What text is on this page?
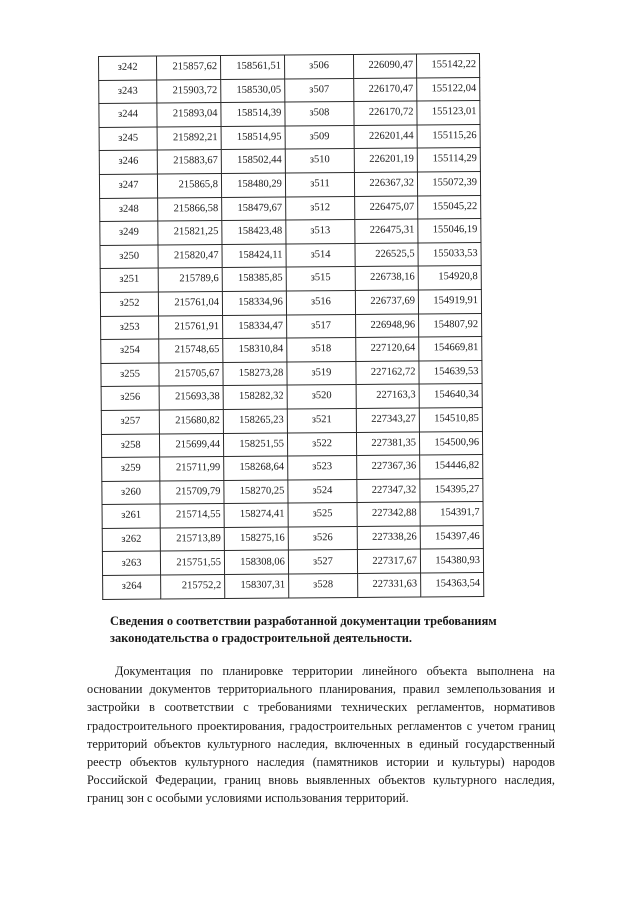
з242	215857,62	158561,51	з506	226090,47	155142,22
з243	215903,72	158530,05	з507	226170,47	155122,04
з244	215893,04	158514,39	з508	226170,72	155123,01
з245	215892,21	158514,95	з509	226201,44	155115,26
з246	215883,67	158502,44	з510	226201,19	155114,29
з247	215865,8	158480,29	з511	226367,32	155072,39
з248	215866,58	158479,67	з512	226475,07	155045,22
з249	215821,25	158423,48	з513	226475,31	155046,19
з250	215820,47	158424,11	з514	226525,5	155033,53
з251	215789,6	158385,85	з515	226738,16	154920,8
з252	215761,04	158334,96	з516	226737,69	154919,91
з253	215761,91	158334,47	з517	226948,96	154807,92
з254	215748,65	158310,84	з518	227120,64	154669,81
з255	215705,67	158273,28	з519	227162,72	154639,53
з256	215693,38	158282,32	з520	227163,3	154640,34
з257	215680,82	158265,23	з521	227343,27	154510,85
з258	215699,44	158251,55	з522	227381,35	154500,96
з259	215711,99	158268,64	з523	227367,36	154446,82
з260	215709,79	158270,25	з524	227347,32	154395,27
з261	215714,55	158274,41	з525	227342,88	154391,7
з262	215713,89	158275,16	з526	227338,26	154397,46
з263	215751,55	158308,06	з527	227317,67	154380,93
з264	215752,2	158307,31	з528	227331,63	154363,54

Сведения о соответствии разработанной документации требованиям законодательства о градостроительной деятельности.

Документация по планировке территории линейного объекта выполнена на основании документов территориального планирования, правил землепользования и застройки в соответствии с требованиями технических регламентов, нормативов градостроительного проектирования, градостроительных регламентов с учетом границ территорий объектов культурного наследия, включенных в единый государственный реестр объектов культурного наследия (памятников истории и культуры) народов Российской Федерации, границ вновь выявленных объектов культурного наследия, границ зон с особыми условиями использования территорий.
